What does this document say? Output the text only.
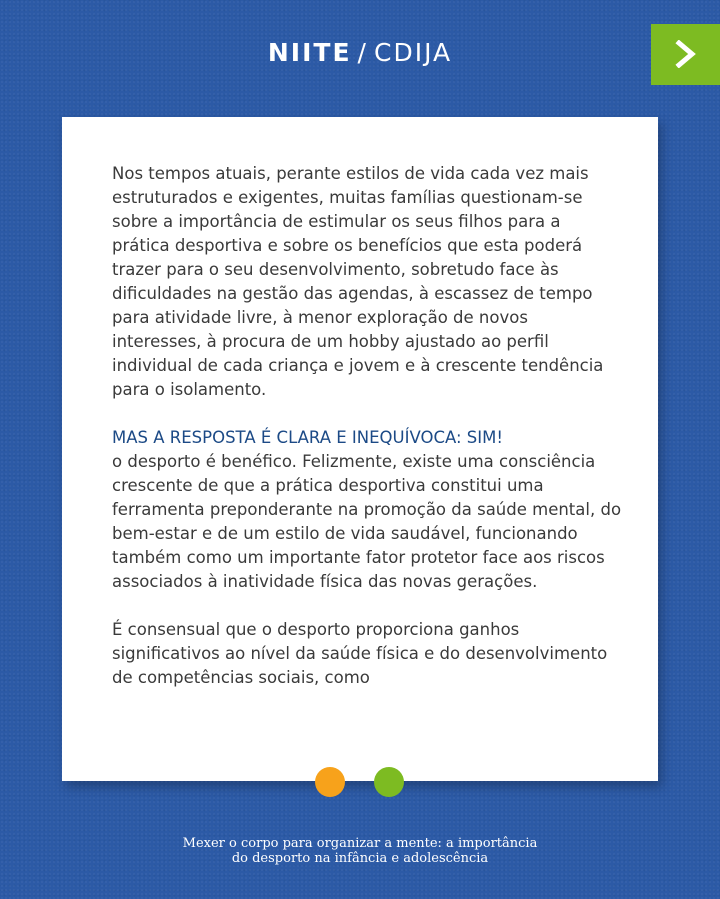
NIITE / CDIJA

Nos tempos atuais, perante estilos de vida cada vez mais estruturados e exigentes, muitas famílias questionam-se sobre a importância de estimular os seus filhos para a prática desportiva e sobre os benefícios que esta poderá trazer para o seu desenvolvimento, sobretudo face às dificuldades na gestão das agendas, à escassez de tempo para atividade livre, à menor exploração de novos interesses, à procura de um hobby ajustado ao perfil individual de cada criança e jovem e à crescente tendência para o isolamento.

MAS A RESPOSTA É CLARA E INEQUÍVOCA: SIM!

o desporto é benéfico. Felizmente, existe uma consciência crescente de que a prática desportiva constitui uma ferramenta preponderante na promoção da saúde mental, do bem-estar e de um estilo de vida saudável, funcionando também como um importante fator protetor face aos riscos associados à inatividade física das novas gerações.

É consensual que o desporto proporciona ganhos significativos ao nível da saúde física e do desenvolvimento de competências sociais, como

Mexer o corpo para organizar a mente: a importância
do desporto na infância e adolescência
